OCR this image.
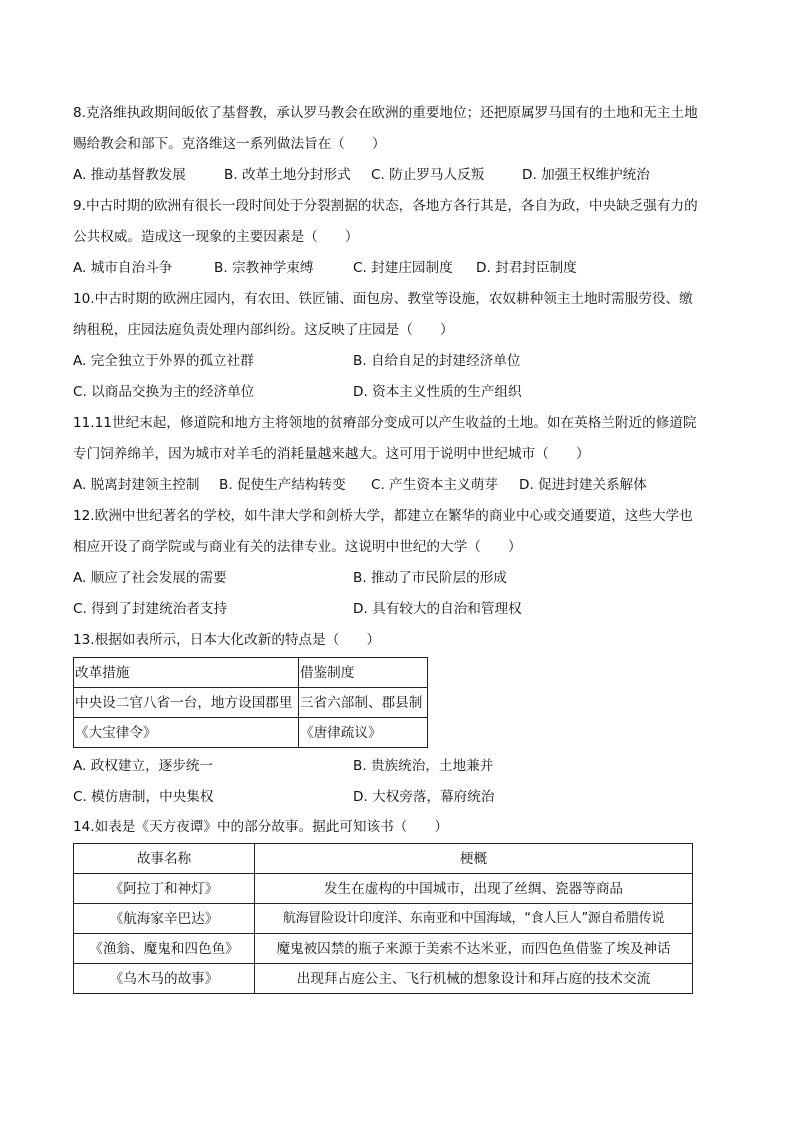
8.克洛维执政期间皈依了基督教，承认罗马教会在欧洲的重要地位；还把原属罗马国有的土地和无主土地
赐给教会和部下。克洛维这一系列做法旨在（　　）
A. 推动基督教发展	B. 改革土地分封形式 C. 防止罗马人反叛	D. 加强王权维护统治
9.中古时期的欧洲有很长一段时间处于分裂割据的状态，各地方各行其是，各自为政，中央缺乏强有力的
公共权威。造成这一现象的主要因素是（　　）
A. 城市自治斗争	B. 宗教神学束缚	C. 封建庄园制度 D. 封君封臣制度
10.中古时期的欧洲庄园内，有农田、铁匠铺、面包房、教堂等设施，农奴耕种领主土地时需服劳役、缴
纳租税，庄园法庭负责处理内部纠纷。这反映了庄园是（　　）
A. 完全独立于外界的孤立社群	B. 自给自足的封建经济单位
C. 以商品交换为主的经济单位	D. 资本主义性质的生产组织
11.11世纪末起，修道院和地方主将领地的贫瘠部分变成可以产生收益的土地。如在英格兰附近的修道院
专门饲养绵羊，因为城市对羊毛的消耗量越来越大。这可用于说明中世纪城市（　　）
A. 脱离封建领主控制 B. 促使生产结构转变 C. 产生资本主义萌芽 D. 促进封建关系解体
12.欧洲中世纪著名的学校，如牛津大学和剑桥大学，都建立在繁华的商业中心或交通要道，这些大学也
相应开设了商学院或与商业有关的法律专业。这说明中世纪的大学（　　）
A. 顺应了社会发展的需要	B. 推动了市民阶层的形成
C. 得到了封建统治者支持	D. 具有较大的自治和管理权
13.根据如表所示，日本大化改新的特点是（　　）
改革措施	借鉴制度
中央设二官八省一台，地方设国郡里	三省六部制、郡县制
《大宝律令》	《唐律疏议》
A. 政权建立，逐步统一	B. 贵族统治，土地兼并
C. 模仿唐制，中央集权	D. 大权旁落，幕府统治
14.如表是《天方夜谭》中的部分故事。据此可知该书（　　）
故事名称	梗概
《阿拉丁和神灯》	发生在虚构的中国城市，出现了丝绸、瓷器等商品
《航海家辛巴达》	航海冒险设计印度洋、东南亚和中国海域，“食人巨人”源自希腊传说
《渔翁、魔鬼和四色鱼》	魔鬼被囚禁的瓶子来源于美索不达米亚，而四色鱼借鉴了埃及神话
《乌木马的故事》	出现拜占庭公主、飞行机械的想象设计和拜占庭的技术交流
